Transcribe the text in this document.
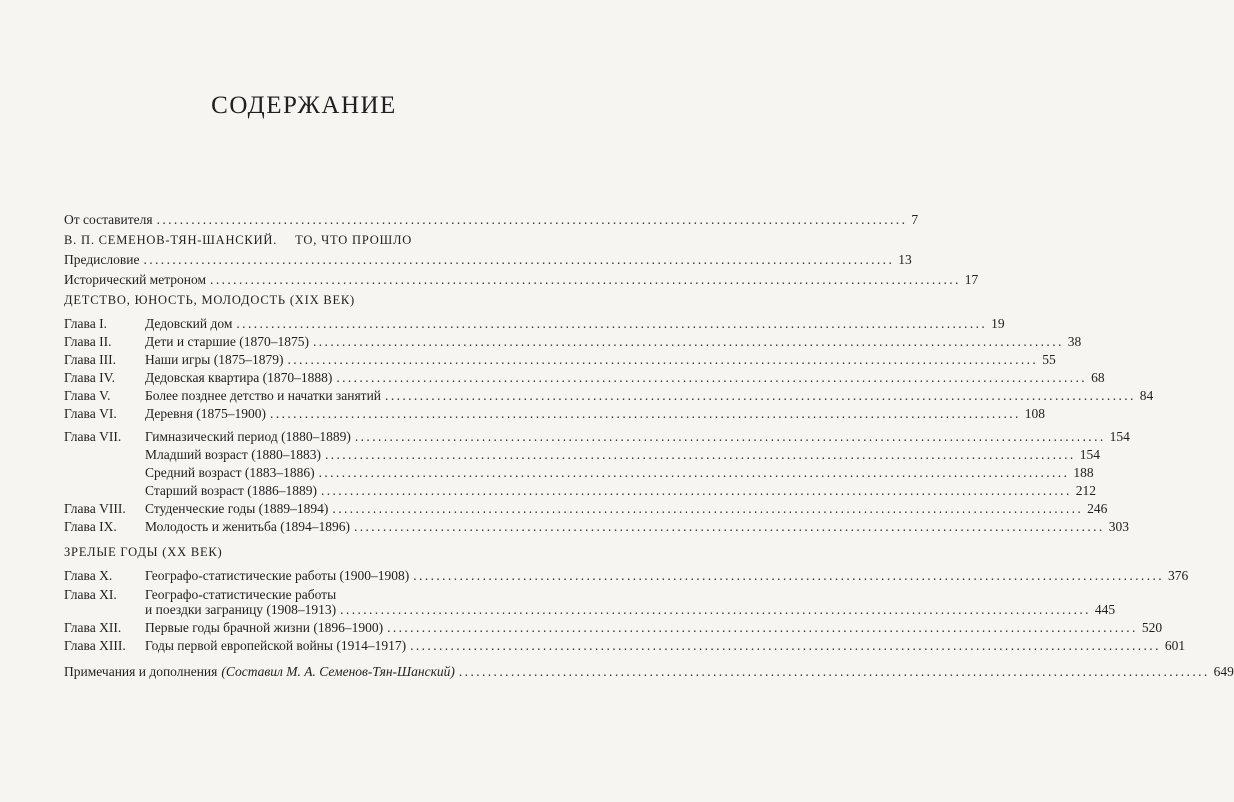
СОДЕРЖАНИЕ
От составителя .................................................................................................................................. 7
В. П. СЕМЕНОВ-ТЯН-ШАНСКИЙ. ТО, ЧТО ПРОШЛО
Предисловие .................................................................................................................................. 13
Исторический метроном .................................................................................................................................. 17
ДЕТСТВО, ЮНОСТЬ, МОЛОДОСТЬ (XIX ВЕК)
Глава I.	Дедовский дом .................................................................................................................................. 19
Глава II. Дети и старшие (1870–1875) .................................................................................................................................. 38
Глава III. Наши игры (1875–1879) .................................................................................................................................. 55
Глава IV. Дедовская квартира (1870–1888) .................................................................................................................................. 68
Глава V.	Более позднее детство и начатки занятий .................................................................................................................................. 84
Глава VI. Деревня (1875–1900) .................................................................................................................................. 108
Глава VII. Гимназический период (1880–1889) .................................................................................................................................. 154
Младший возраст (1880–1883) .................................................................................................................................. 154
Средний возраст (1883–1886) .................................................................................................................................. 188
Старший возраст (1886–1889) .................................................................................................................................. 212
Глава VIII. Студенческие годы (1889–1894) .................................................................................................................................. 246
Глава IX. Молодость и женитьба (1894–1896) .................................................................................................................................. 303
ЗРЕЛЫЕ ГОДЫ (XX ВЕК)
Глава X. Географо-статистические работы (1900–1908) .................................................................................................................................. 376
Глава XI. Географо-статистические работы
и поездки заграницу (1908–1913) .................................................................................................................................. 445
Глава XII. Первые годы брачной жизни (1896–1900) .................................................................................................................................. 520
Глава XIII. Годы первой европейской войны (1914–1917) .................................................................................................................................. 601
Примечания и дополнения (Составил М. А. Семенов-Тян-Шанский) .................................................................................................................................. 649
